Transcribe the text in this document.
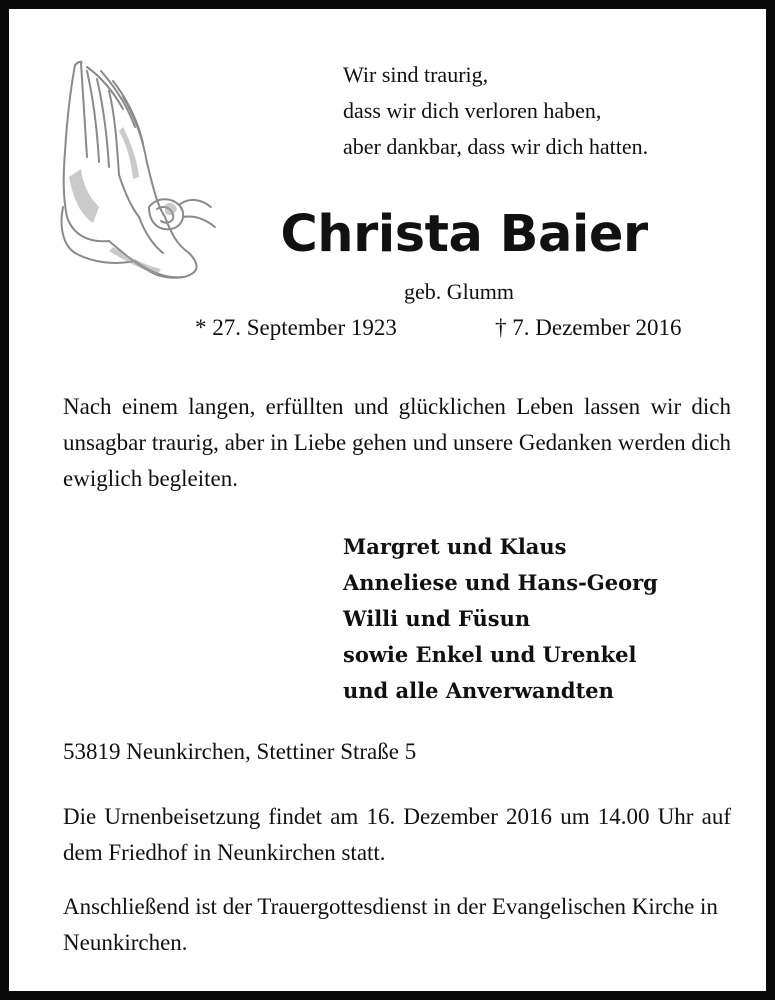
Wir sind traurig,
dass wir dich verloren haben,
aber dankbar, dass wir dich hatten.
Christa Baier
geb. Glumm
* 27. September 1923	† 7. Dezember 2016
Nach einem langen, erfüllten und glücklichen Leben lassen wir dich unsagbar traurig, aber in Liebe gehen und unsere Gedanken werden dich ewiglich begleiten.
Margret und Klaus
Anneliese und Hans-Georg
Willi und Füsun
sowie Enkel und Urenkel
und alle Anverwandten
53819 Neunkirchen, Stettiner Straße 5
Die Urnenbeisetzung findet am 16. Dezember 2016 um 14.00 Uhr auf dem Friedhof in Neunkirchen statt.
Anschließend ist der Trauergottesdienst in der Evangelischen Kirche in Neunkirchen.
